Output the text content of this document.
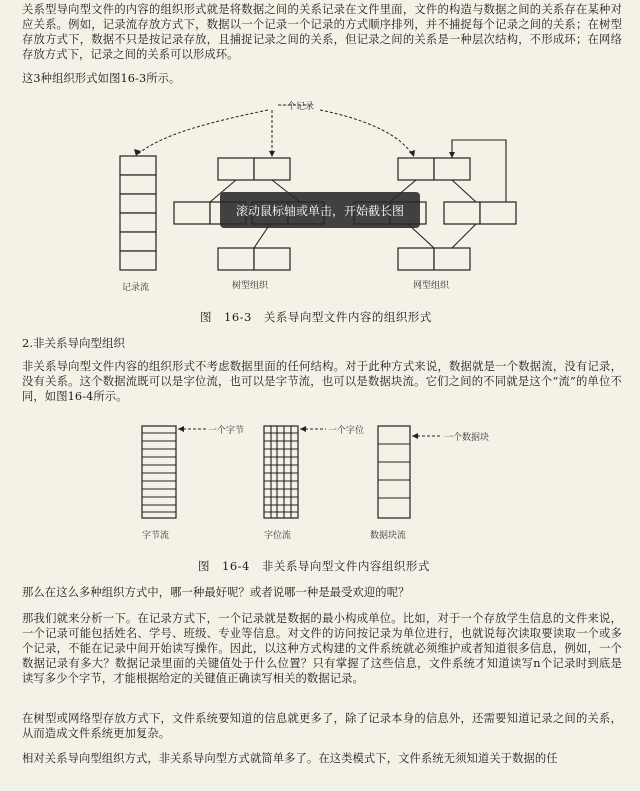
关系型导向型文件的内容的组织形式就是将数据之间的关系记录在文件里面，文件的构造与数据之间的关系存在某种对应关系。例如，记录流存放方式下，数据以一个记录一个记录的方式顺序排列，并不捕捉每个记录之间的关系；在树型存放方式下，数据不只是按记录存放，且捕捉记录之间的关系，但记录之间的关系是一种层次结构，不形成环；在网络存放方式下，记录之间的关系可以形成环。

这3种组织形式如图16-3所示。

一个记录
记录流	树型组织	网型组织
滚动鼠标轴或单击，开始截长图

图　16-3　关系导向型文件内容的组织形式

2.非关系导向型组织

非关系导向型文件内容的组织形式不考虑数据里面的任何结构。对于此种方式来说，数据就是一个数据流，没有记录，没有关系。这个数据流既可以是字位流，也可以是字节流，也可以是数据块流。它们之间的不同就是这个“流”的单位不同，如图16-4所示。

一个字节	一个字位
一个数据块
字节流	字位流	数据块流

图　16-4　非关系导向型文件内容组织形式

那么在这么多种组织方式中，哪一种最好呢？或者说哪一种是最受欢迎的呢？

那我们就来分析一下。在记录方式下，一个记录就是数据的最小构成单位。比如，对于一个存放学生信息的文件来说，一个记录可能包括姓名、学号、班级、专业等信息。对文件的访问按记录为单位进行，也就说每次读取要读取一个或多个记录，不能在记录中间开始读写操作。因此，以这种方式构建的文件系统就必须维护或者知道很多信息，例如，一个数据记录有多大？数据记录里面的关键值处于什么位置？只有掌握了这些信息，文件系统才知道读写n个记录时到底是读写多少个字节，才能根据给定的关键值正确读写相关的数据记录。

在树型或网络型存放方式下，文件系统要知道的信息就更多了，除了记录本身的信息外，还需要知道记录之间的关系，从而造成文件系统更加复杂。

相对关系导向型组织方式，非关系导向型方式就简单多了。在这类模式下，文件系统无须知道关于数据的任
